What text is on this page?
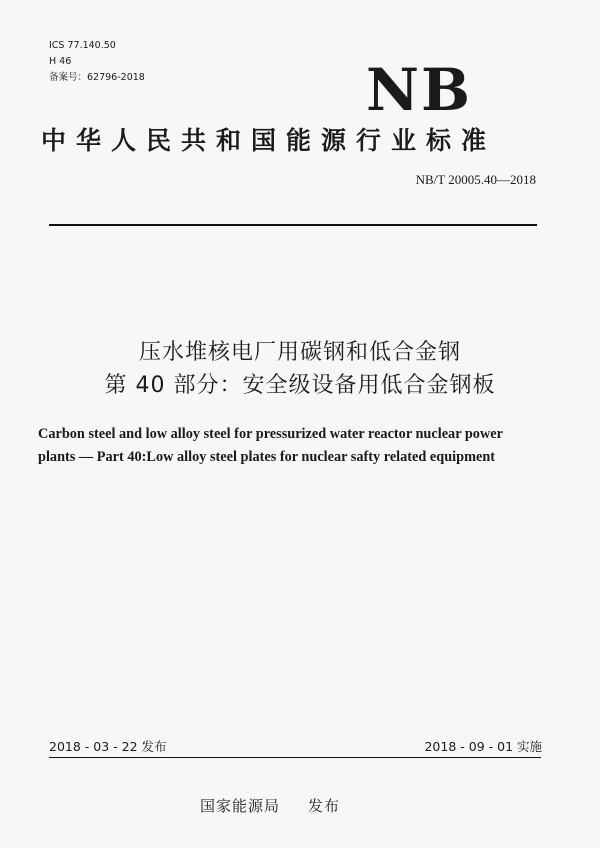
ICS 77.140.50
H 46
备案号：62796-2018	NB
中华人民共和国能源行业标准
NB/T 20005.40—2018
压水堆核电厂用碳钢和低合金钢
第 40 部分：安全级设备用低合金钢板
Carbon steel and low alloy steel for pressurized water reactor nuclear power
plants — Part 40:Low alloy steel plates for nuclear safty related equipment
2018 - 03 - 22 发布	2018 - 09 - 01 实施
国家能源局 发布
